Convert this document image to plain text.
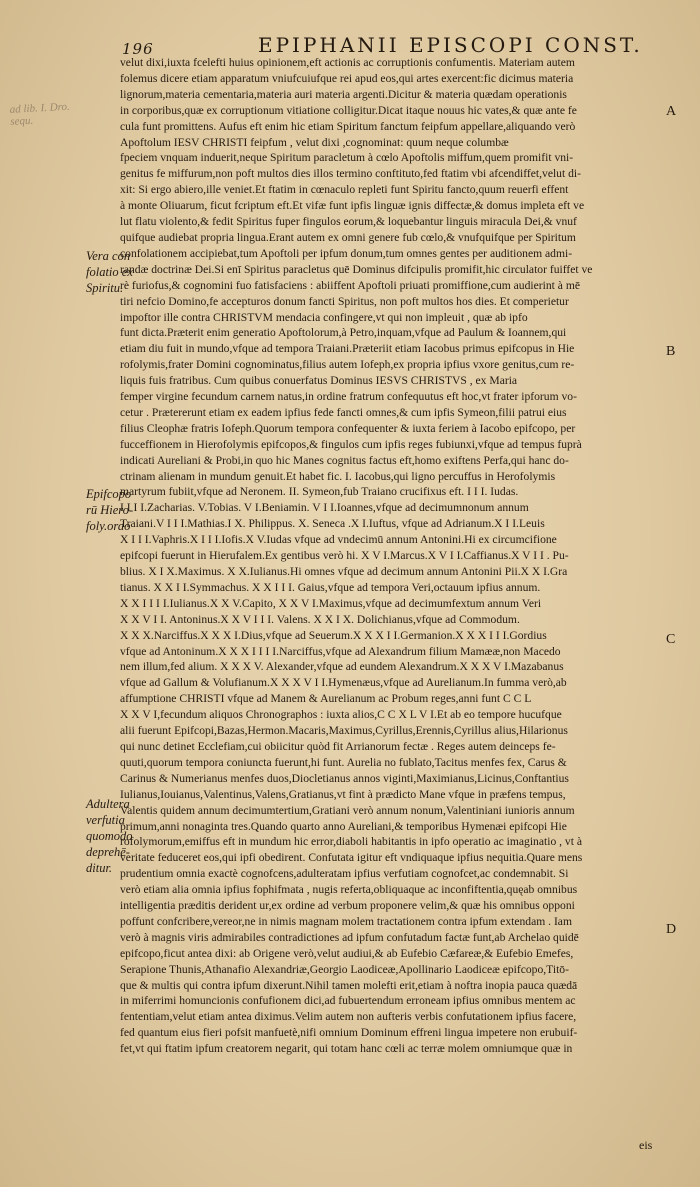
196	EPIPHANII EPISCOPI CONST.
ad lib. I. Dro. sequ.
velut dixi,iuxta fcelefti huius opinionem,eft actionis ac corruptionis confumentis. Materiam autem
folemus dicere etiam apparatum vniufcuiufque rei apud eos,qui artes exercent:fic dicimus materia
lignorum,materia cementaria,materia auri materia argenti.Dicitur & materia quædam operationis
in corporibus,quæ ex corruptionum vitiatione colligitur.Dicat itaque nouus hic vates,& quæ ante fe
cula funt promittens. Aufus eft enim hic etiam Spiritum fanctum feipfum appellare,aliquando verò
Apoftolum IESV CHRISTI feipfum , velut dixi ,cognominat: quum neque columbæ
fpeciem vnquam induerit,neque Spiritum paracletum à cœlo Apoftolis miffum,quem promifit vni-
genitus fe miffurum,non poft multos dies illos termino conftituto,fed ftatim vbi afcendiffet,velut di-
xit: Si ergo abiero,ille veniet.Et ftatim in cœnaculo repleti funt Spiritu fancto,quum reuerfi effent
à monte Oliuarum, ficut fcriptum eft.Et vifæ funt ipfis linguæ ignis diffectæ,& domus impleta eft ve
lut flatu violento,& fedit Spiritus fuper fingulos eorum,& loquebantur linguis miracula Dei,& vnuf
quifque audiebat propria lingua.Erant autem ex omni genere fub cœlo,& vnufquifque per Spiritum
confolationem accipiebat,tum Apoftoli per ipfum donum,tum omnes gentes per auditionem admi-
randæ doctrinæ Dei.Si enī Spiritus paracletus quē Dominus difcipulis promifit,hic circulator fuiffet ve
rè furiofus,& cognomini fuo fatisfaciens : abiiffent Apoftoli priuati promiffione,cum audierint à mē
tiri nefcio Domino,fe accepturos donum fancti Spiritus, non poft multos hos dies. Et comperietur
impoftor ille contra CHRISTVM mendacia confingere,vt qui non impleuit , quæ ab ipfo
funt dicta.Præterit enim generatio Apoftolorum,à Petro,inquam,vfque ad Paulum & Ioannem,qui
etiam diu fuit in mundo,vfque ad tempora Traiani.Præteriit etiam Iacobus primus epifcopus in Hie
rofolymis,frater Domini cognominatus,filius autem Iofeph,ex propria ipfius vxore genitus,cum re-
liquis fuis fratribus. Cum quibus conuerfatus Dominus IESVS CHRISTVS , ex Maria
femper virgine fecundum carnem natus,in ordine fratrum confequutus eft hoc,vt frater ipforum vo-
cetur . Prætererunt etiam ex eadem ipfius fede fancti omnes,& cum ipfis Symeon,filii patrui eius
filius Cleophæ fratris Iofeph.Quorum tempora confequenter & iuxta feriem à Iacobo epifcopo, per
fucceffionem in Hierofolymis epifcopos,& fingulos cum ipfis reges fubiunxi,vfque ad tempus fuprà
indicati Aureliani & Probi,in quo hic Manes cognitus factus eft,homo exiftens Perfa,qui hanc do-
ctrinam alienam in mundum genuit.Et habet fic. I. Iacobus,qui ligno percuffus in Herofolymis
martyrum fubiit,vfque ad Neronem. II. Symeon,fub Traiano crucifixus eft. I I I. Iudas.
I I I I.Zacharias. V.Tobias. V I.Beniamin. V I I.Ioannes,vfque ad decimumnonum annum
Traiani.V I I I.Mathias.I X. Philippus. X. Seneca .X I.Iuftus, vfque ad Adrianum.X I I.Leuis
X I I I.Vaphris.X I I I.Iofis.X V.Iudas vfque ad vndecimū annum Antonini.Hi ex circumcifione
epifcopi fuerunt in Hierufalem.Ex gentibus verò hi. X V I.Marcus.X V I I.Caffianus.X V I I . Pu-
blius. X I X.Maximus. X X.Iulianus.Hi omnes vfque ad decimum annum Antonini Pii.X X I.Gra
tianus. X X I I.Symmachus. X X I I I. Gaius,vfque ad tempora Veri,octauum ipfius annum.
X X I I I I.Iulianus.X X V.Capito, X X V I.Maximus,vfque ad decimumfextum annum Veri
X X V I I. Antoninus.X X V I I I. Valens. X X I X. Dolichianus,vfque ad Commodum.
X X X.Narciffus.X X X I.Dius,vfque ad Seuerum.X X X I I.Germanion.X X X I I I.Gordius
vfque ad Antoninum.X X X I I I I.Narciffus,vfque ad Alexandrum filium Mamææ,non Macedo
nem illum,fed alium. X X X V. Alexander,vfque ad eundem Alexandrum.X X X V I.Mazabanus
vfque ad Gallum & Volufianum.X X X V I I.Hymenæus,vfque ad Aurelianum.In fumma verò,ab
affumptione CHRISTI vfque ad Manem & Aurelianum ac Probum reges,anni funt C C L
X X V I,fecundum aliquos Chronographos : iuxta alios,C C X L V I.Et ab eo tempore hucufque
alii fuerunt Epifcopi,Bazas,Hermon.Macaris,Maximus,Cyrillus,Erennis,Cyrillus alius,Hilarionus
qui nunc detinet Ecclefiam,cui obiicitur quòd fit Arrianorum fectæ . Reges autem deinceps fe-
quuti,quorum tempora coniuncta fuerunt,hi funt. Aurelia no fublato,Tacitus menfes fex, Carus &
Carinus & Numerianus menfes duos,Diocletianus annos viginti,Maximianus,Licinus,Conftantius
Iulianus,Iouianus,Valentinus,Valens,Gratianus,vt fint à prædicto Mane vfque in præfens tempus,
Valentis quidem annum decimumtertium,Gratiani verò annum nonum,Valentiniani iunioris annum
primum,anni nonaginta tres.Quando quarto anno Aureliani,& temporibus Hymenæi epifcopi Hie
rofolymorum,emiffus eft in mundum hic error,diaboli habitantis in ipfo operatio ac imaginatio , vt à
veritate feduceret eos,qui ipfi obedirent. Confutata igitur eft vndiquaque ipfius nequitia.Quare mens
prudentium omnia exactè cognofcens,adulteratam ipfius verfutiam cognofcet,ac condemnabit. Si
verò etiam alia omnia ipfius fophifmata , nugis referta,obliquaque ac inconfiftentia,quęab omnibus
intelligentia præditis derident ur,ex ordine ad verbum proponere velim,& quæ his omnibus opponi
poffunt confcribere,vereor,ne in nimis magnam molem tractationem contra ipfum extendam . Iam
verò à magnis viris admirabiles contradictiones ad ipfum confutadum factæ funt,ab Archelao quidē
epifcopo,ficut antea dixi: ab Origene verò,velut audiui,& ab Eufebio Cæfareæ,& Eufebio Emefes,
Serapione Thunis,Athanafio Alexandriæ,Georgio Laodiceæ,Apollinario Laodiceæ epifcopo,Titō-
que & multis qui contra ipfum dixerunt.Nihil tamen molefti erit,etiam à noftra inopia pauca quædā
in miferrimi homuncionis confufionem dici,ad fubuertendum erroneam ipfius omnibus mentem ac
fententiam,velut etiam antea diximus.Velim autem non aufteris verbis confutationem ipfius facere,
fed quantum eius fieri pofsit manfuetè,nifi omnium Dominum effreni lingua impetere non erubuif-
fet,vt qui ftatim ipfum creatorem negarit, qui totam hanc cœli ac terræ molem omniumque quæ in
Vera con
folatio ex
Spiritu.
Epifcopo
rū Hiero-
foly.ordo
Adultera
verfutia
quomodo
deprehē-
ditur.
A
B
C
D
eis
